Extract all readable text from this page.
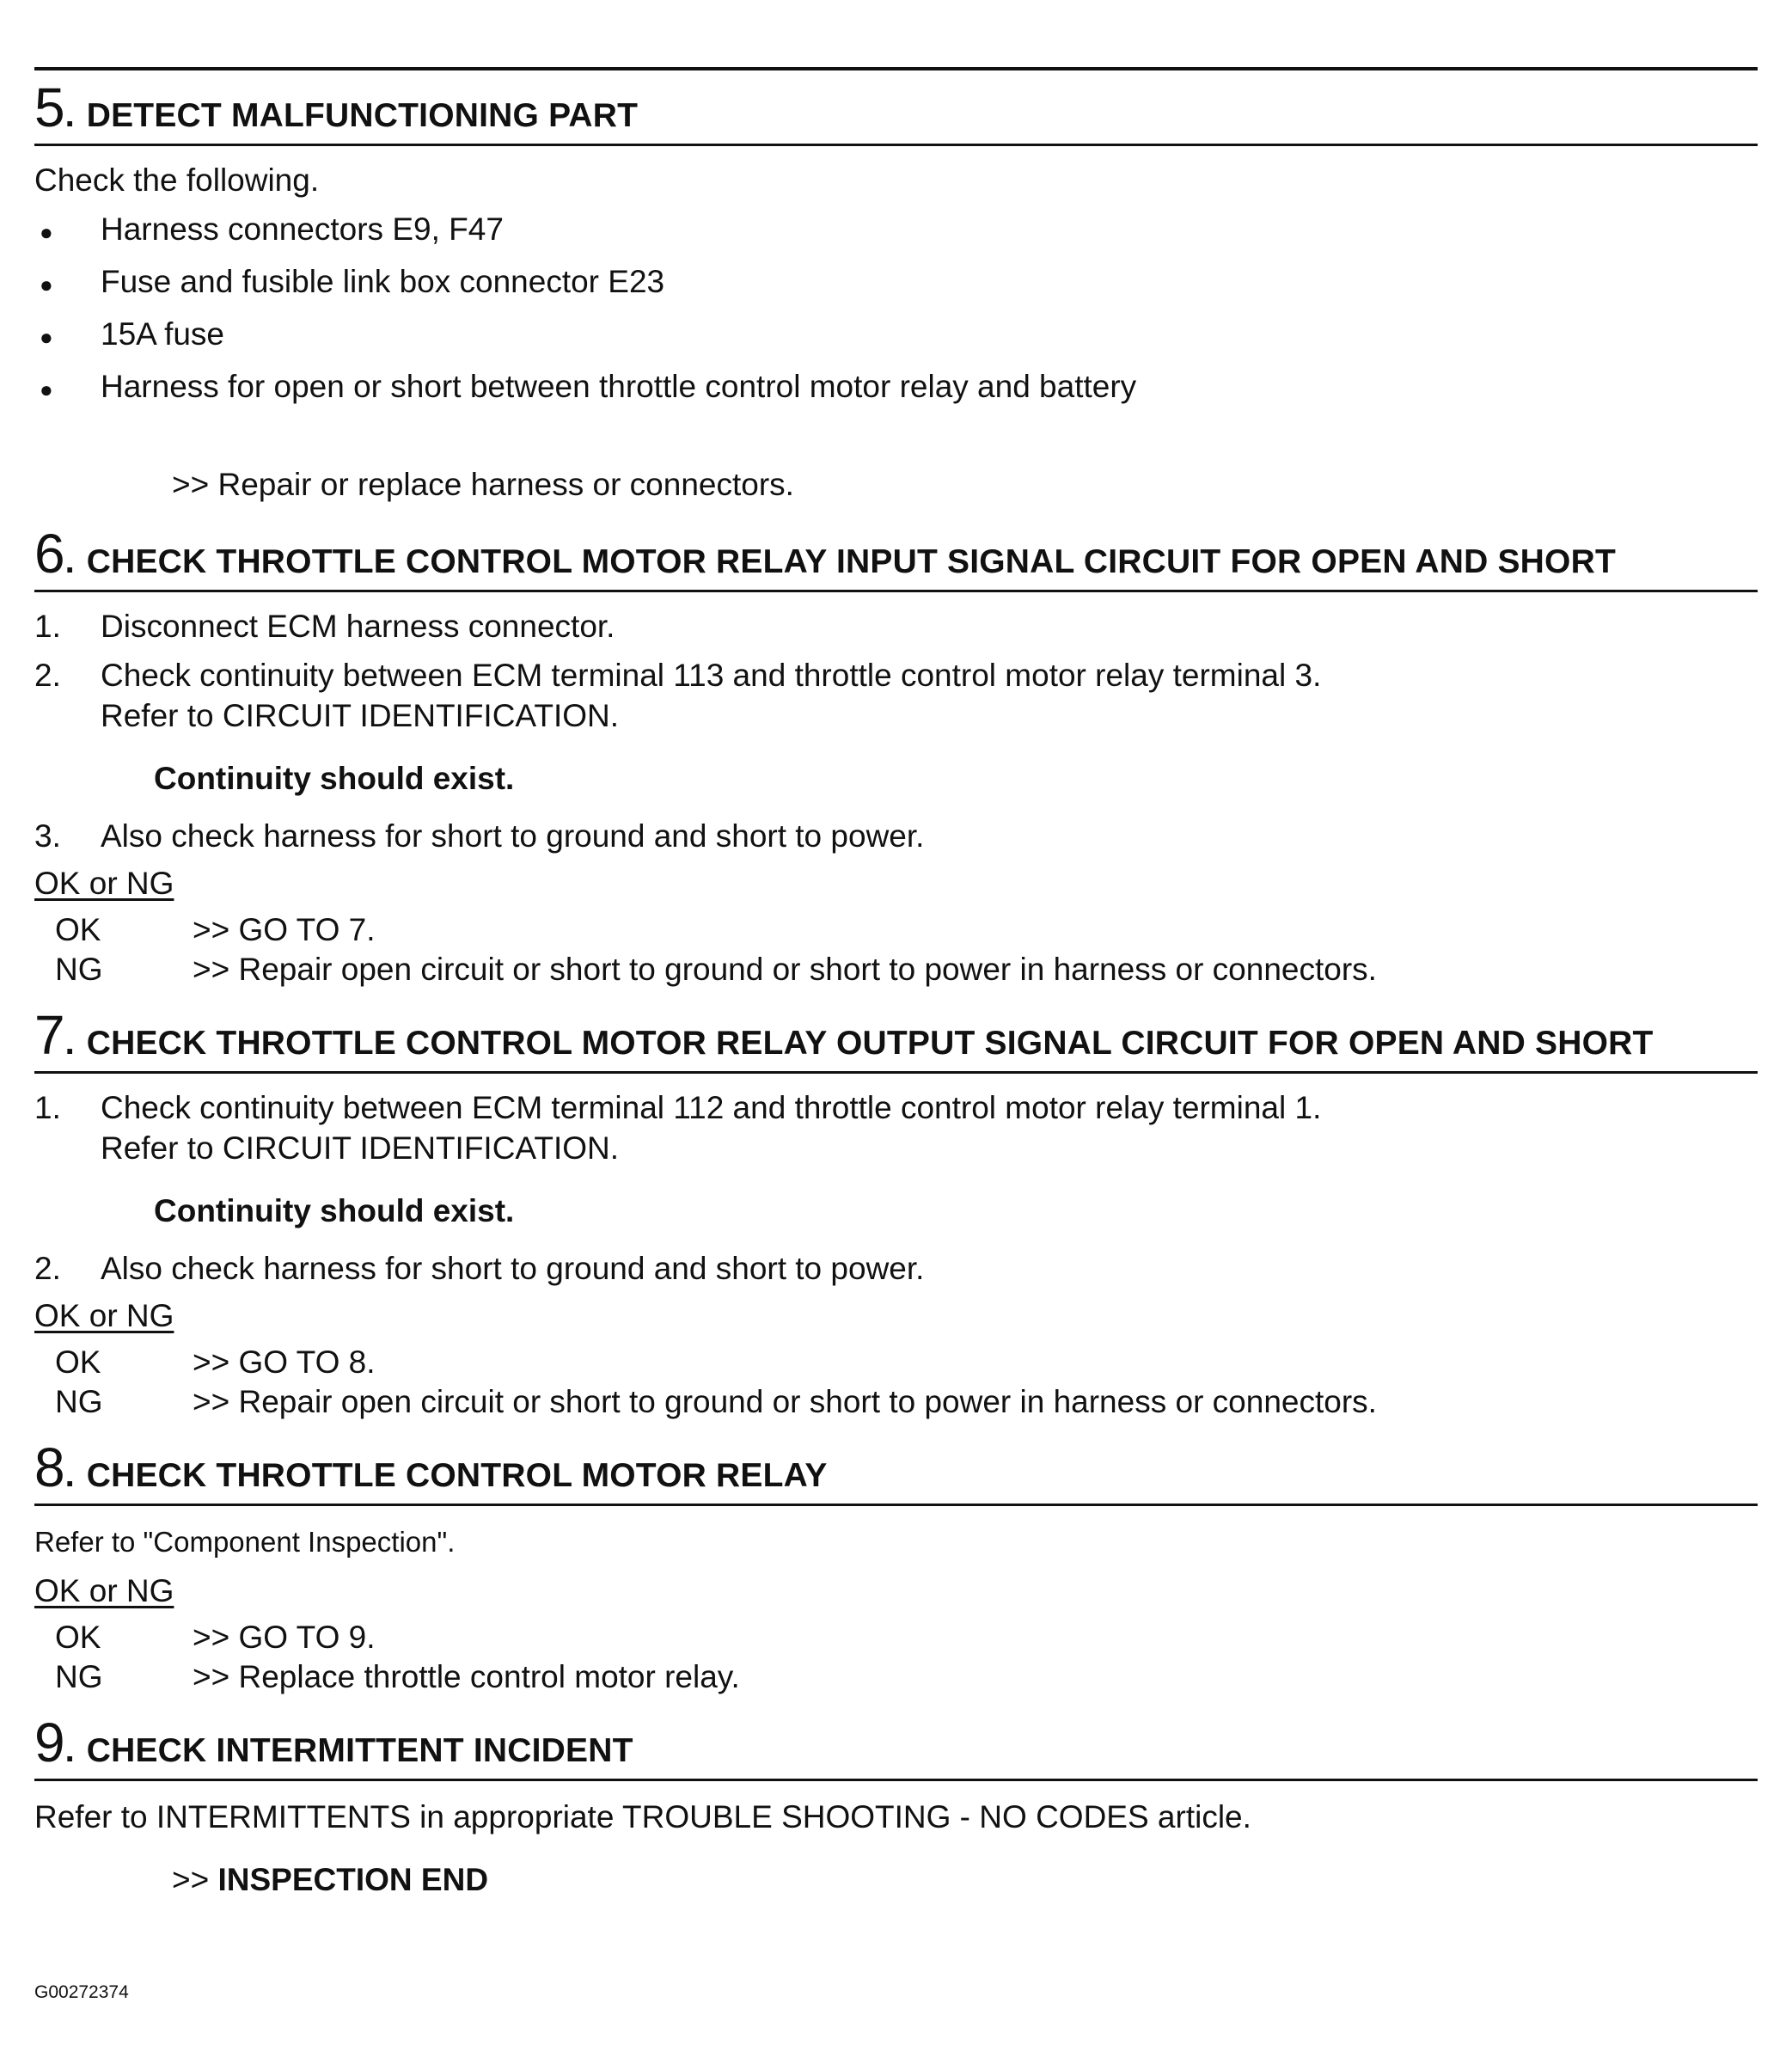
5 . DETECT MALFUNCTIONING PART

Check the following.

●	Harness connectors E9, F47
●	Fuse and fusible link box connector E23
●	15A fuse
●	Harness for open or short between throttle control motor relay and battery

>> Repair or replace harness or connectors.

6 . CHECK THROTTLE CONTROL MOTOR RELAY INPUT SIGNAL CIRCUIT FOR OPEN AND SHORT
1.	Disconnect ECM harness connector.
2.	Check continuity between ECM terminal 113 and throttle control motor relay terminal 3.
Refer to CIRCUIT IDENTIFICATION.

Continuity should exist.

3.	Also check harness for short to ground and short to power.

OK or NG

OK	>> GO TO 7.
NG	>> Repair open circuit or short to ground or short to power in harness or connectors.
7 . CHECK THROTTLE CONTROL MOTOR RELAY OUTPUT SIGNAL CIRCUIT FOR OPEN AND SHORT
1.	Check continuity between ECM terminal 112 and throttle control motor relay terminal 1.
Refer to CIRCUIT IDENTIFICATION.

Continuity should exist.

2.	Also check harness for short to ground and short to power.

OK or NG

OK	>> GO TO 8.
NG	>> Repair open circuit or short to ground or short to power in harness or connectors.
8 . CHECK THROTTLE CONTROL MOTOR RELAY

Refer to "Component Inspection".

OK or NG

OK	>> GO TO 9.
NG	>> Replace throttle control motor relay.
9 . CHECK INTERMITTENT INCIDENT

Refer to INTERMITTENTS in appropriate TROUBLE SHOOTING - NO CODES article.

>> INSPECTION END

G00272374
